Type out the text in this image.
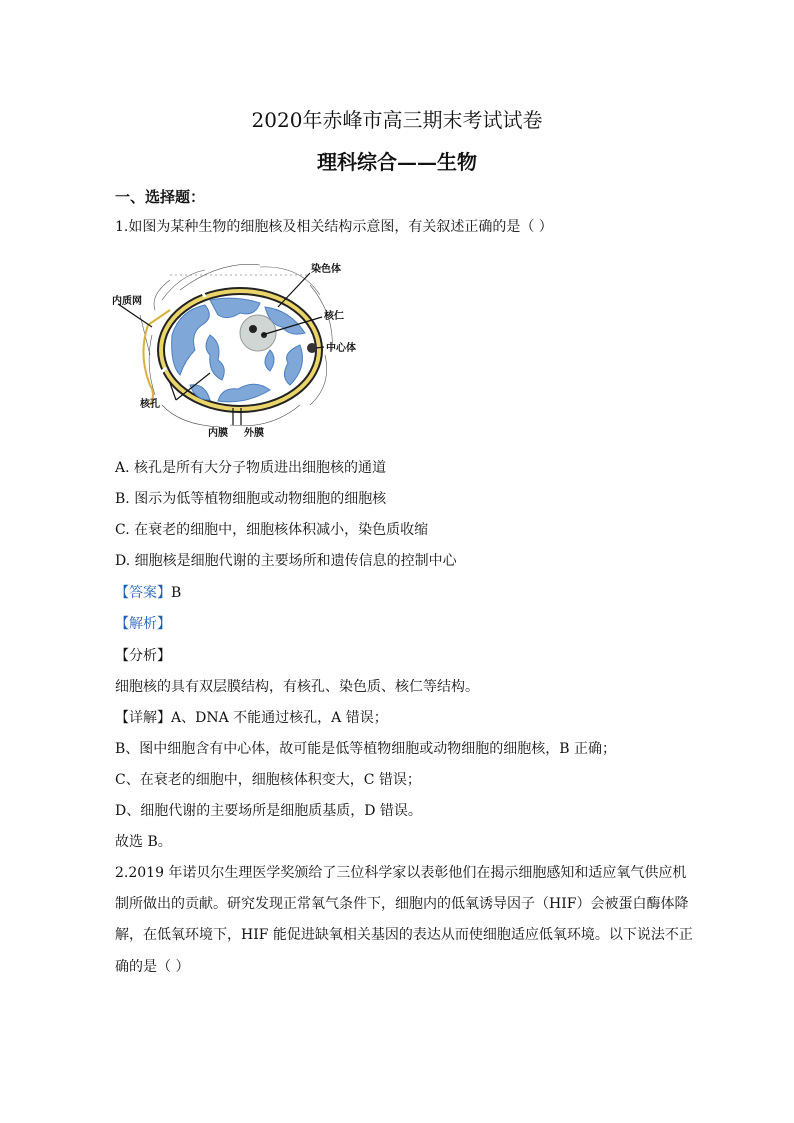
2020年赤峰市高三期末考试试卷
理科综合——生物
一、选择题：
1.如图为某种生物的细胞核及相关结构示意图，有关叙述正确的是（ ）
染色体
内质网
核仁
中心体
核孔
内膜 外膜
A. 核孔是所有大分子物质进出细胞核的通道
B. 图示为低等植物细胞或动物细胞的细胞核
C. 在衰老的细胞中，细胞核体积减小，染色质收缩
D. 细胞核是细胞代谢的主要场所和遗传信息的控制中心
【答案】B
【解析】
【分析】
细胞核的具有双层膜结构，有核孔、染色质、核仁等结构。
【详解】A、DNA 不能通过核孔，A 错误；
B、图中细胞含有中心体，故可能是低等植物细胞或动物细胞的细胞核，B 正确；
C、在衰老的细胞中，细胞核体积变大，C 错误；
D、细胞代谢的主要场所是细胞质基质，D 错误。
故选 B。
2.2019 年诺贝尔生理医学奖颁给了三位科学家以表彰他们在揭示细胞感知和适应氧气供应机
制所做出的贡献。研究发现正常氧气条件下，细胞内的低氧诱导因子（HIF）会被蛋白酶体降
解，在低氧环境下，HIF 能促进缺氧相关基因的表达从而使细胞适应低氧环境。以下说法不正
确的是（ ）
